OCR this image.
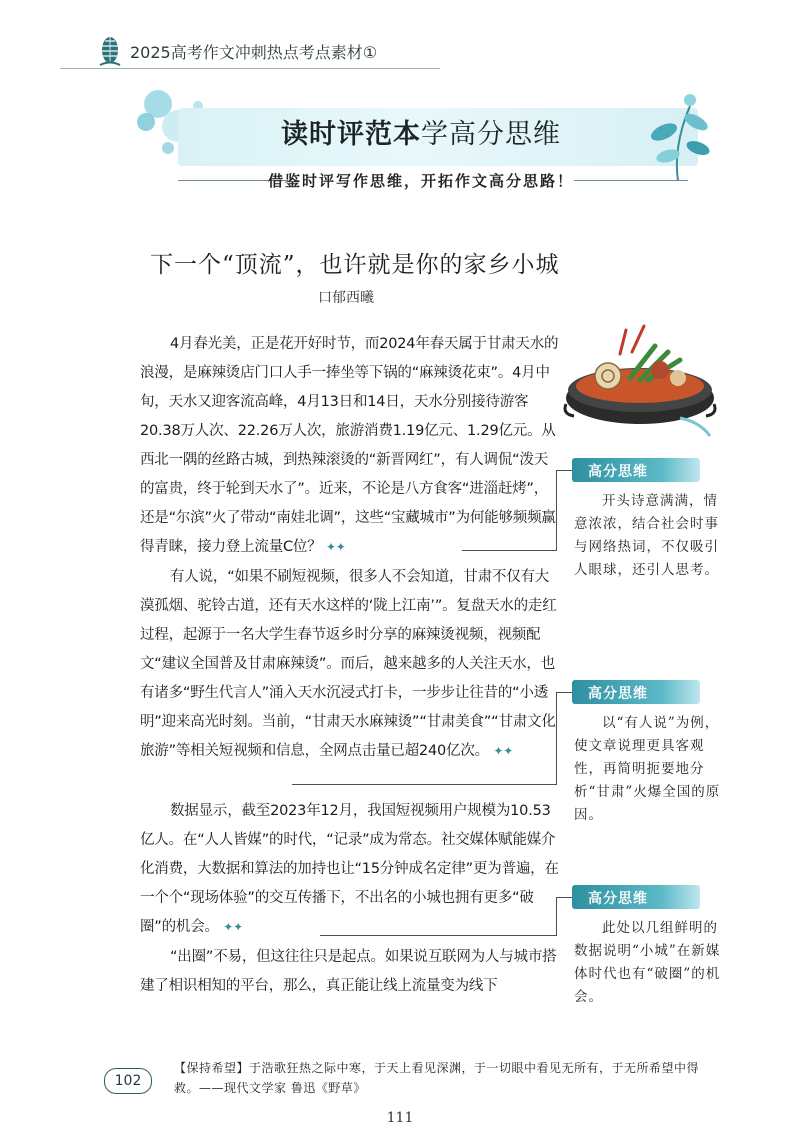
2025高考作文冲刺热点考点素材①
读时评范本学高分思维
借鉴时评写作思维，开拓作文高分思路！
下一个“顶流”，也许就是你的家乡小城
口郁西曦

4月春光美，正是花开好时节，而2024年春天属于甘肃天水的浪漫，是麻辣烫店门口人手一捧坐等下锅的“麻辣烫花束”。4月中旬，天水又迎客流高峰，4月13日和14日，天水分别接待游客20.38万人次、22.26万人次，旅游消费1.19亿元、1.29亿元。从西北一隅的丝路古城，到热辣滚烫的“新晋网红”，有人调侃“泼天的富贵，终于轮到天水了”。近来，不论是八方食客“进淄赶烤”，还是“尔滨”火了带动“南娃北调”，这些“宝藏城市”为何能够频频赢得青睐，接力登上流量C位？ ✦✦

有人说，“如果不刷短视频，很多人不会知道，甘肃不仅有大漠孤烟、驼铃古道，还有天水这样的‘陇上江南’”。复盘天水的走红过程，起源于一名大学生春节返乡时分享的麻辣烫视频，视频配文“建议全国普及甘肃麻辣烫”。而后，越来越多的人关注天水，也有诸多“野生代言人”涌入天水沉浸式打卡，一步步让往昔的“小透明”迎来高光时刻。当前，“甘肃天水麻辣烫”“甘肃美食”“甘肃文化旅游”等相关短视频和信息，全网点击量已超240亿次。 ✦✦

数据显示，截至2023年12月，我国短视频用户规模为10.53亿人。在“人人皆媒”的时代，“记录”成为常态。社交媒体赋能媒介化消费，大数据和算法的加持也让“15分钟成名定律”更为普遍，在一个个“现场体验”的交互传播下，不出名的小城也拥有更多“破圈”的机会。 ✦✦

“出圈”不易，但这往往只是起点。如果说互联网为人与城市搭建了相识相知的平台，那么，真正能让线上流量变为线下

高分思维
开头诗意满满，情意浓浓，结合社会时事与网络热词，不仅吸引人眼球，还引人思考。
高分思维
以“有人说”为例，使文章说理更具客观性，再简明扼要地分析“甘肃”火爆全国的原因。
高分思维
此处以几组鲜明的数据说明“小城”在新媒体时代也有“破圈”的机会。
102
【保持希望】于浩歌狂热之际中寒，于天上看见深渊，于一切眼中看见无所有，于无所希望中得救。——现代文学家 鲁迅《野草》
111
